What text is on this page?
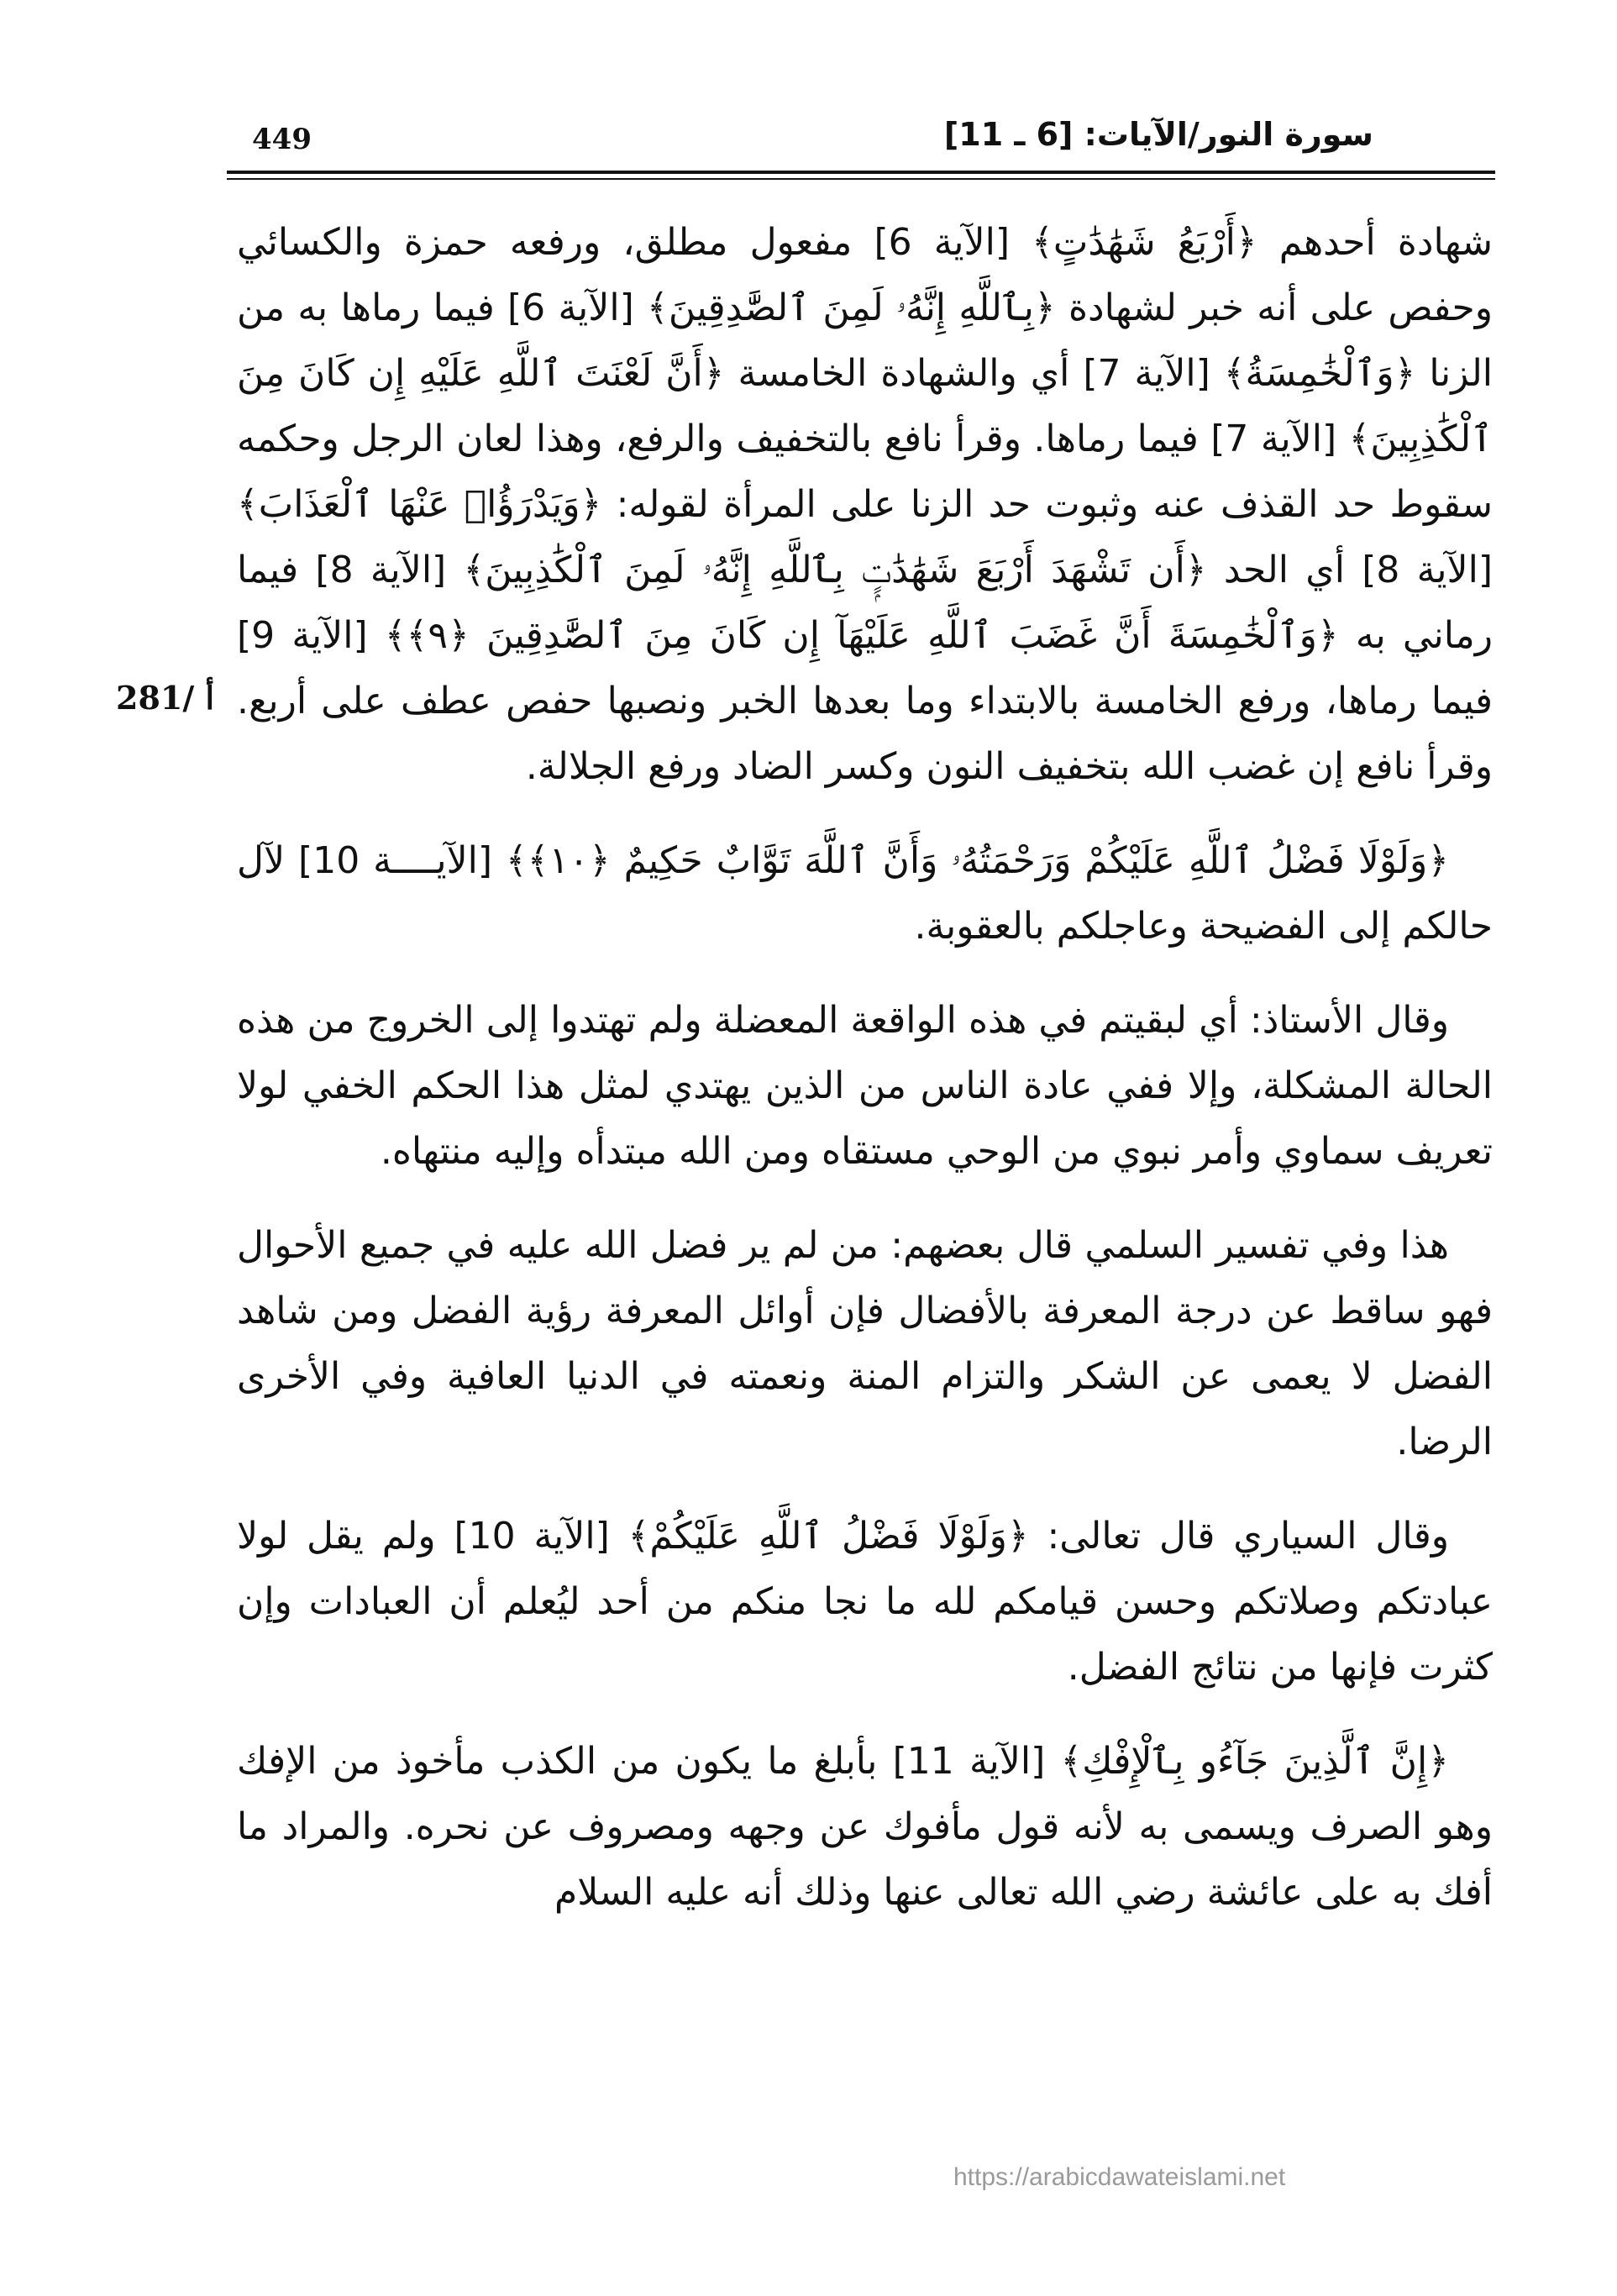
449	سورة النور/الآيات: [6 ـ 11]
281/ أ

شهادة أحدهم ﴿أَرْبَعُ شَهَٰدَٰتٍ﴾ [الآية 6] مفعول مطلق، ورفعه حمزة والكسائي وحفص على أنه خبر لشهادة ﴿بِٱللَّهِ إِنَّهُۥ لَمِنَ ٱلصَّٰدِقِينَ﴾ [الآية 6] فيما رماها به من الزنا ﴿وَٱلْخَٰمِسَةُ﴾ [الآية 7] أي والشهادة الخامسة ﴿أَنَّ لَعْنَتَ ٱللَّهِ عَلَيْهِ إِن كَانَ مِنَ ٱلْكَٰذِبِينَ﴾ [الآية 7] فيما رماها. وقرأ نافع بالتخفيف والرفع، وهذا لعان الرجل وحكمه سقوط حد القذف عنه وثبوت حد الزنا على المرأة لقوله: ﴿وَيَدْرَؤُا۟ عَنْهَا ٱلْعَذَابَ﴾ [الآية 8] أي الحد ﴿أَن تَشْهَدَ أَرْبَعَ شَهَٰدَٰتٍۭ بِٱللَّهِ إِنَّهُۥ لَمِنَ ٱلْكَٰذِبِينَ﴾ [الآية 8] فيما رماني به ﴿وَٱلْخَٰمِسَةَ أَنَّ غَضَبَ ٱللَّهِ عَلَيْهَآ إِن كَانَ مِنَ ٱلصَّٰدِقِينَ ﴿٩﴾﴾ [الآية 9] فيما رماها، ورفع الخامسة بالابتداء وما بعدها الخبر ونصبها حفص عطف على أربع. وقرأ نافع إن غضب الله بتخفيف النون وكسر الضاد ورفع الجلالة.

﴿وَلَوْلَا فَضْلُ ٱللَّهِ عَلَيْكُمْ وَرَحْمَتُهُۥ وَأَنَّ ٱللَّهَ تَوَّابٌ حَكِيمٌ ﴿١٠﴾﴾ [الآيــــة 10] لآل حالكم إلى الفضيحة وعاجلكم بالعقوبة.

وقال الأستاذ: أي لبقيتم في هذه الواقعة المعضلة ولم تهتدوا إلى الخروج من هذه الحالة المشكلة، وإلا ففي عادة الناس من الذين يهتدي لمثل هذا الحكم الخفي لولا تعريف سماوي وأمر نبوي من الوحي مستقاه ومن الله مبتدأه وإليه منتهاه.

هذا وفي تفسير السلمي قال بعضهم: من لم ير فضل الله عليه في جميع الأحوال فهو ساقط عن درجة المعرفة بالأفضال فإن أوائل المعرفة رؤية الفضل ومن شاهد الفضل لا يعمى عن الشكر والتزام المنة ونعمته في الدنيا العافية وفي الأخرى الرضا.

وقال السياري قال تعالى: ﴿وَلَوْلَا فَضْلُ ٱللَّهِ عَلَيْكُمْ﴾ [الآية 10] ولم يقل لولا عبادتكم وصلاتكم وحسن قيامكم لله ما نجا منكم من أحد ليُعلم أن العبادات وإن كثرت فإنها من نتائج الفضل.

﴿إِنَّ ٱلَّذِينَ جَآءُو بِٱلْإِفْكِ﴾ [الآية 11] بأبلغ ما يكون من الكذب مأخوذ من الإفك وهو الصرف ويسمى به لأنه قول مأفوك عن وجهه ومصروف عن نحره. والمراد ما أفك به على عائشة رضي الله تعالى عنها وذلك أنه عليه السلام

https://arabicdawateislami.net
